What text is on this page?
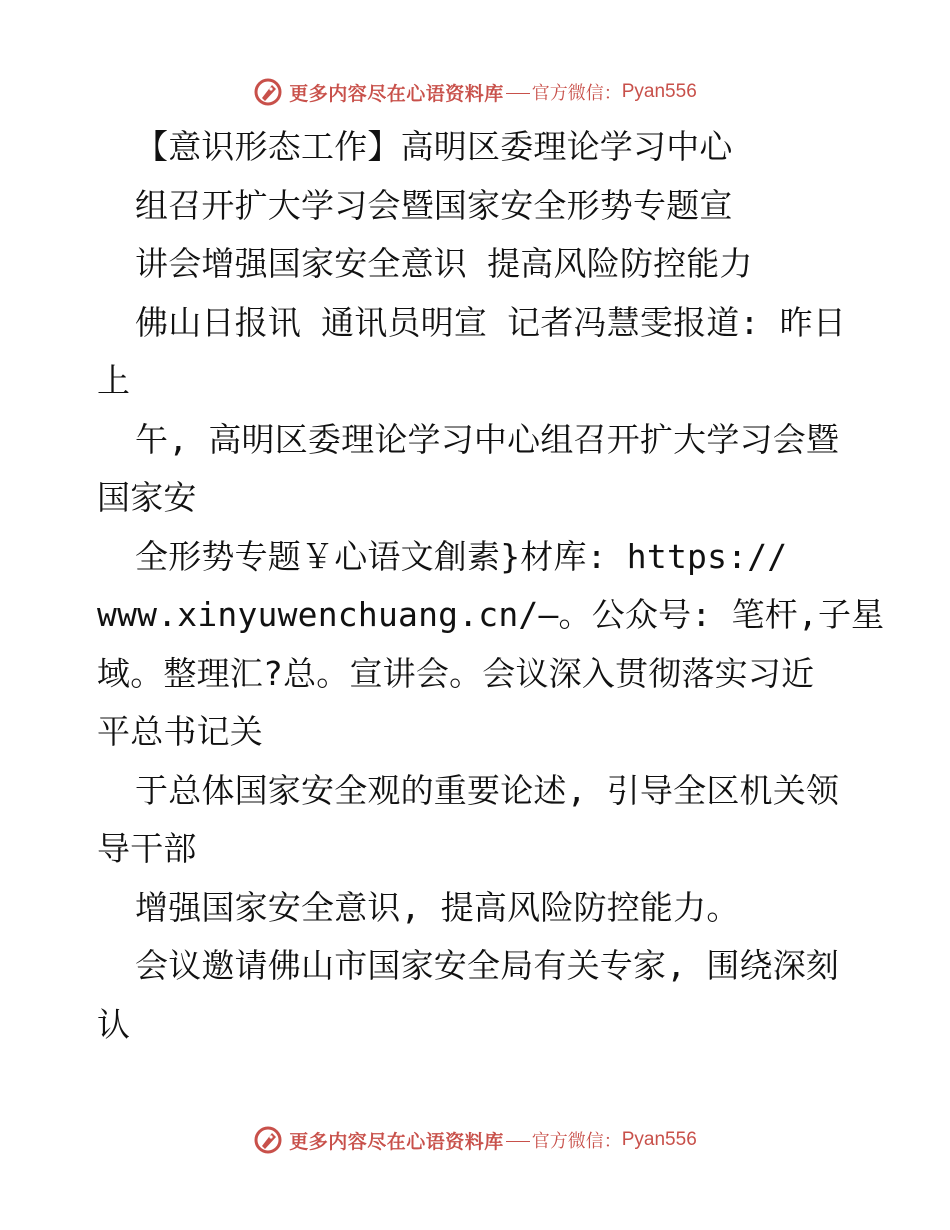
更多内容尽在心语资料库 官方微信： Pyan556
【意识形态工作】高明区委理论学习中心
组召开扩大学习会暨国家安全形势专题宣
讲会增强国家安全意识 提高风险防控能力
佛山日报讯 通讯员明宣 记者冯慧雯报道: 昨日
上
午, 高明区委理论学习中心组召开扩大学习会暨
国家安
全形势专题￥心语文創素}材库: https://
www.xinyuwenchuang.cn/—。公众号: 笔杆,子星
域。整理汇?总。宣讲会。会议深入贯彻落实习近
平总书记关
于总体国家安全观的重要论述, 引导全区机关领
导干部
增强国家安全意识, 提高风险防控能力。
会议邀请佛山市国家安全局有关专家, 围绕深刻
认
更多内容尽在心语资料库 官方微信： Pyan556
